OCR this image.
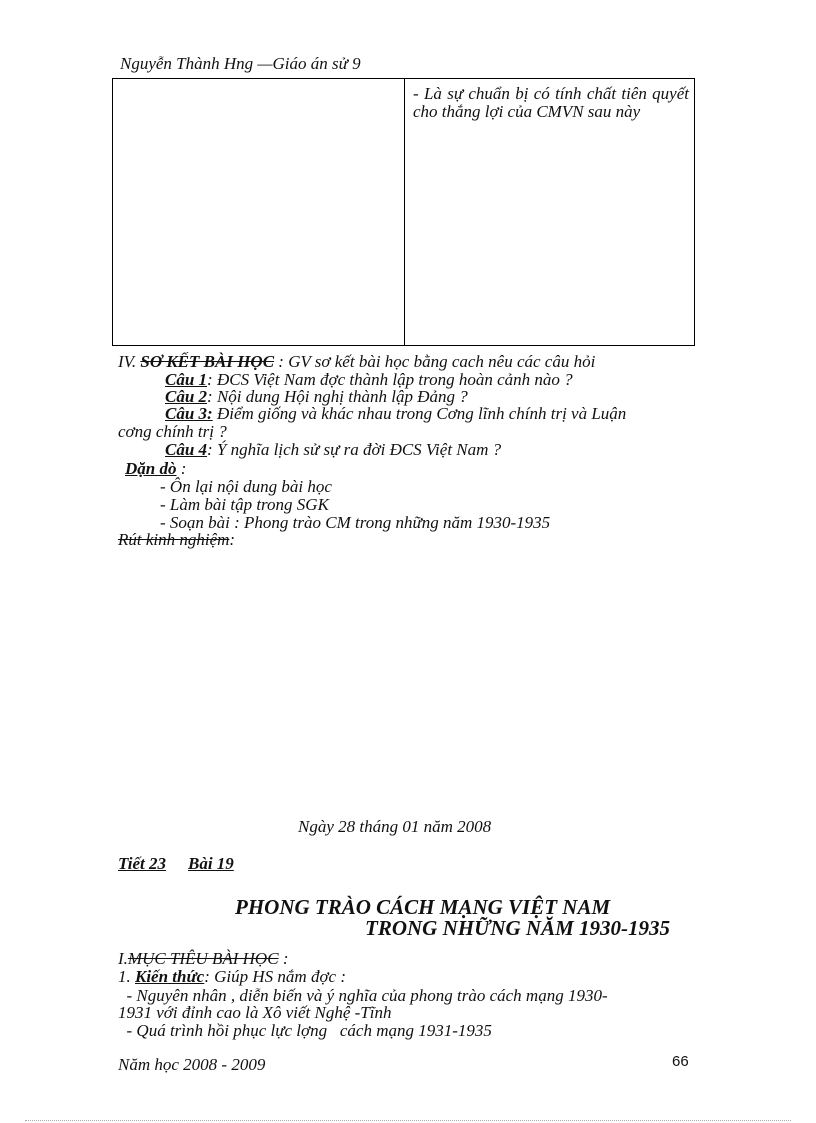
Nguyễn Thành Hng —Giáo án sử 9
- Là sự chuẩn bị có tính chất tiên quyết cho thắng lợi của CMVN sau này
IV. SƠ KẾT BÀI HỌC : GV sơ kết bài học bằng cach nêu các câu hỏi
Câu 1: ĐCS Việt Nam đợc thành lập trong hoàn cảnh nào ?
Câu 2: Nội dung Hội nghị thành lập Đảng ?
Câu 3: Điểm giống và khác nhau trong Cơng lĩnh chính trị và Luận
cơng chính trị ?
Câu 4: Ý nghĩa lịch sử sự ra đời ĐCS Việt Nam ?
Dặn dò :
- Ôn lại nội dung bài học
- Làm bài tập trong SGK
- Soạn bài : Phong trào CM trong những năm 1930-1935
Rút kinh nghiệm:
Ngày 28 tháng 01 năm 2008
Tiết 23 Bài 19
PHONG TRÀO CÁCH MẠNG VIỆT NAM
TRONG NHỮNG NĂM 1930-1935
I.MỤC TIÊU BÀI HỌC :
1. Kiến thức: Giúp HS nắm đợc :
- Nguyên nhân , diễn biến và ý nghĩa của phong trào cách mạng 1930-
1931 với đỉnh cao là Xô viết Nghệ -Tĩnh
- Quá trình hồi phục lực lợng   cách mạng 1931-1935
Năm học 2008 - 2009	66
